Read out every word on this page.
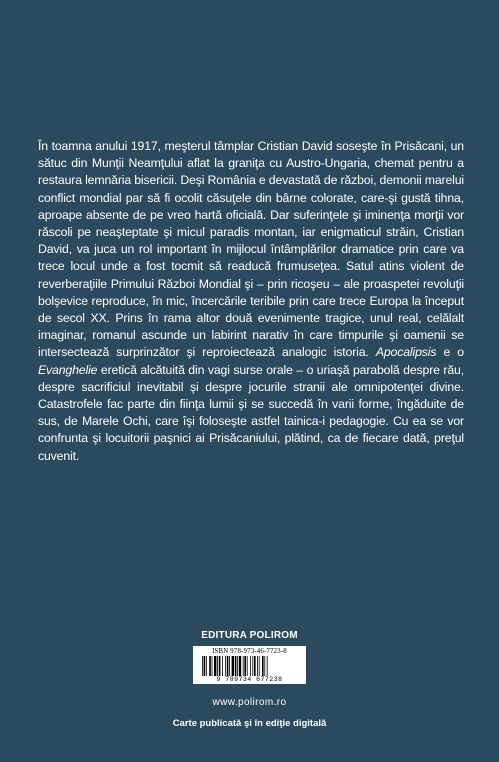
În toamna anului 1917, meşterul tâmplar Cristian David soseşte în Prisăcani, un sătuc din Munţii Neamţului aflat la graniţa cu Austro-Ungaria, chemat pentru a restaura lemnăria bisericii. Deşi România e devastată de război, demonii marelui conflict mondial par să fi ocolit căsuţele din bârne colorate, care-şi gustă tihna, aproape absente de pe vreo hartă oficială. Dar suferinţele şi iminenţa morţii vor răscoli pe neaşteptate şi micul paradis montan, iar enigmaticul străin, Cristian David, va juca un rol important în mijlocul întâmplărilor dramatice prin care va trece locul unde a fost tocmit să readucă frumuseţea. Satul atins violent de reverberaţiile Primului Război Mondial şi – prin ricoşeu – ale proaspetei revoluţii bolşevice reproduce, în mic, încercările teribile prin care trece Europa la început de secol XX. Prins în rama altor două evenimente tragice, unul real, celălalt imaginar, romanul ascunde un labirint narativ în care timpurile şi oamenii se intersectează surprinzător şi reproiectează analogic istoria. Apocalipsis e o Evanghelie eretică alcătuită din vagi surse orale – o uriaşă parabolă despre rău, despre sacrificiul inevitabil şi despre jocurile stranii ale omnipotenţei divine. Catastrofele fac parte din fiinţa lumii şi se succedă în varii forme, îngăduite de sus, de Marele Ochi, care îşi foloseşte astfel tainica-i pedagogie. Cu ea se vor confrunta şi locuitorii paşnici ai Prisăcaniului, plătind, ca de fiecare dată, preţul cuvenit.

EDITURA POLIROM
ISBN 978-973-46-7723-8
9 789734 677238
www.polirom.ro
Carte publicată şi în ediţie digitală
